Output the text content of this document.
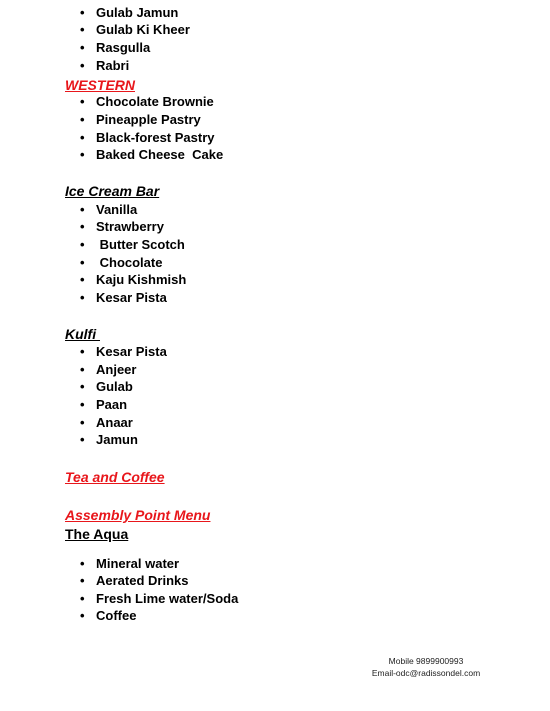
• Gulab Jamun
• Gulab Ki Kheer
• Rasgulla
• Rabri
WESTERN
• Chocolate Brownie
• Pineapple Pastry
• Black-forest Pastry
• Baked Cheese  Cake
Ice Cream Bar
• Vanilla
• Strawberry
• Butter Scotch
• Chocolate
• Kaju Kishmish
• Kesar Pista
Kulfi
• Kesar Pista
• Anjeer
• Gulab
• Paan
• Anaar
• Jamun
Tea and Coffee
Assembly Point Menu
The Aqua
• Mineral water
• Aerated Drinks
• Fresh Lime water/Soda
• Coffee
Mobile 9899900993
Email-odc@radissondel.com
